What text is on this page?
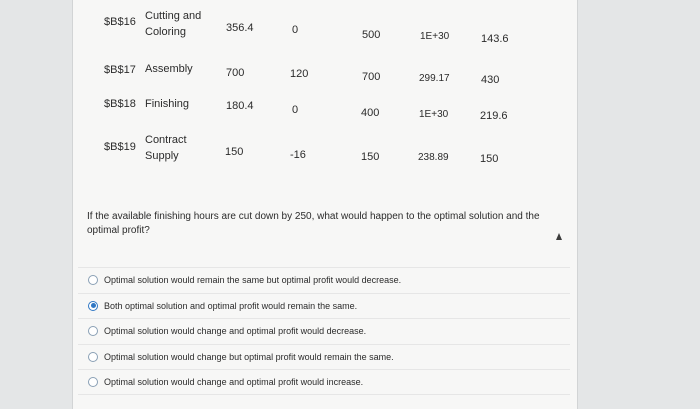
$B$16 Cutting and
Coloring	356.4	0	500	1E+30	143.6
$B$17 Assembly	700	120	700	299.17	430
$B$18 Finishing	180.4	0	400	1E+30	219.6
$B$19
Contract
Supply	150	-16	150	238.89	150
If the available finishing hours are cut down by 250, what would happen to the optimal solution and the optimal profit?
Optimal solution would remain the same but optimal profit would decrease.
Both optimal solution and optimal profit would remain the same.
Optimal solution would change and optimal profit would decrease.
Optimal solution would change but optimal profit would remain the same.
Optimal solution would change and optimal profit would increase.
